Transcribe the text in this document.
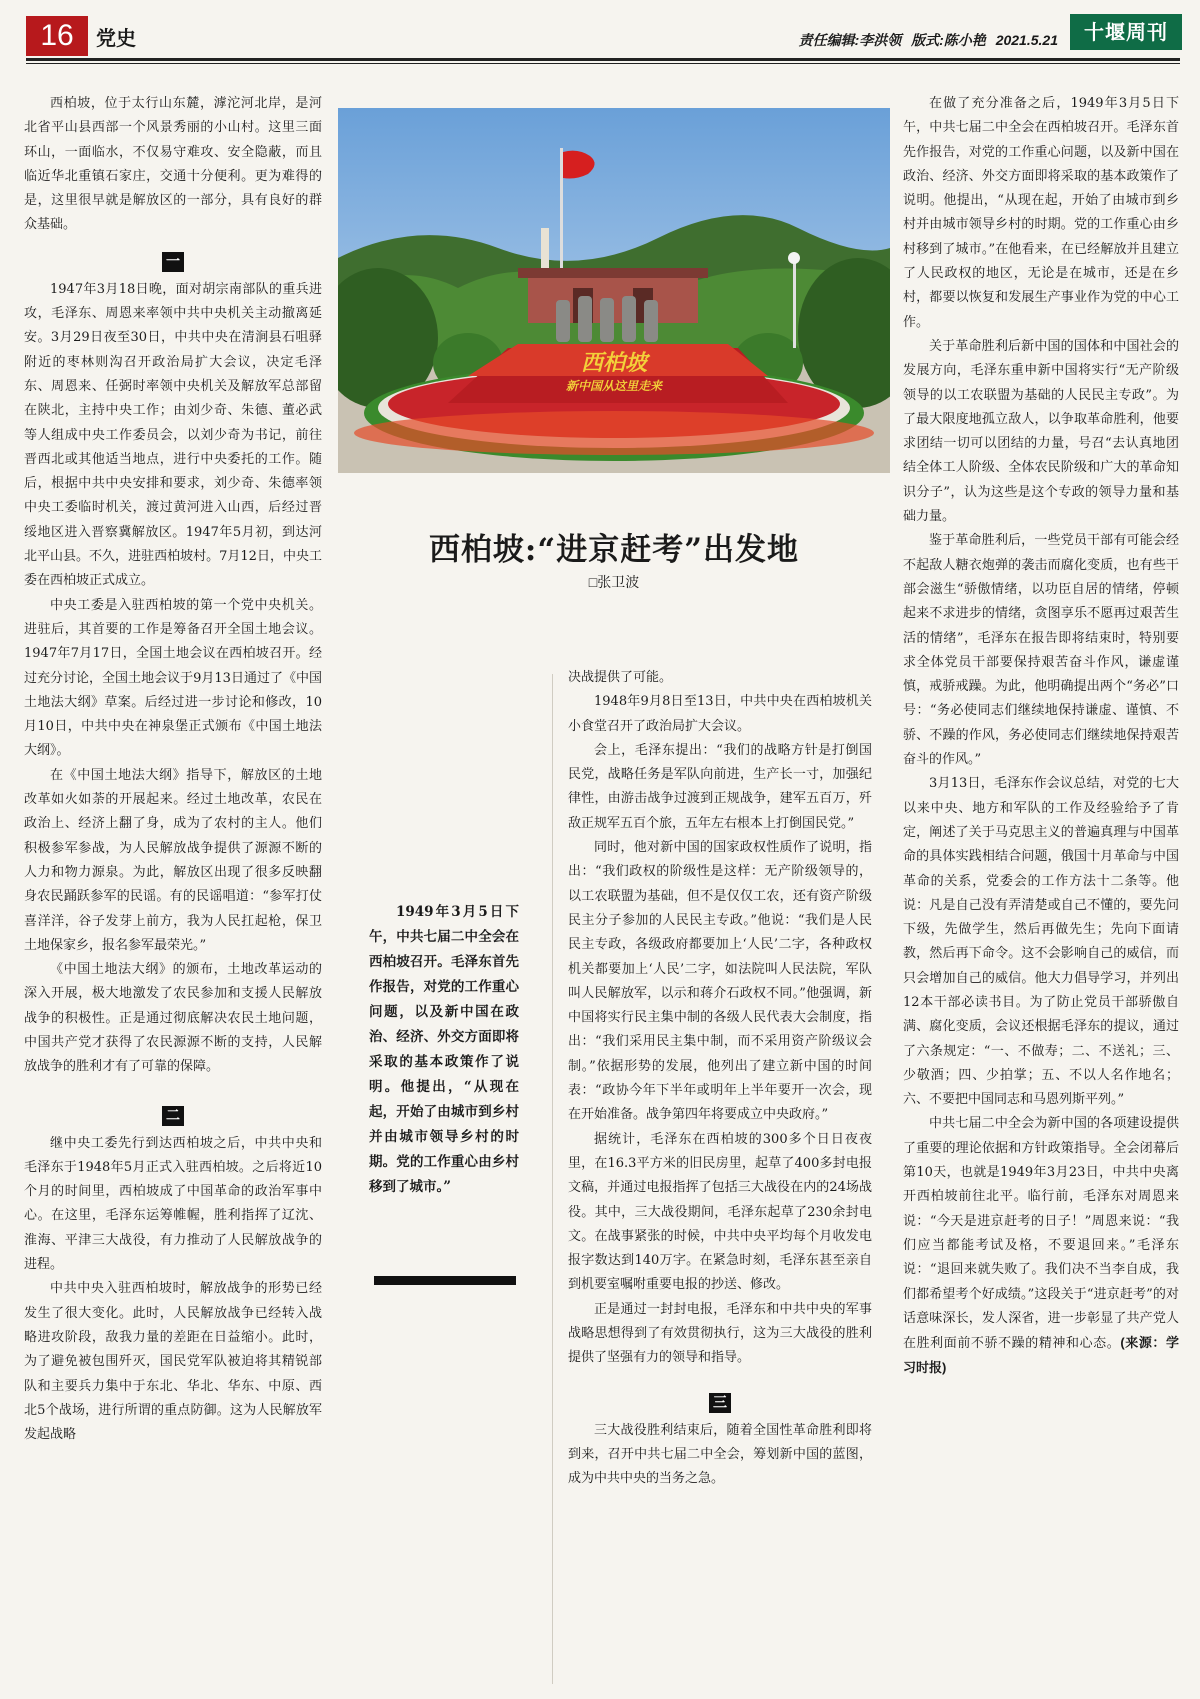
16	党史	责任编辑:李洪领 版式:陈小艳 2021.5.21	十堰周刊

西柏坡，位于太行山东麓，滹沱河北岸，是河北省平山县西部一个风景秀丽的小山村。这里三面环山，一面临水，不仅易守难攻、安全隐蔽，而且临近华北重镇石家庄，交通十分便利。更为难得的是，这里很早就是解放区的一部分，具有良好的群众基础。

一

1947年3月18日晚，面对胡宗南部队的重兵进攻，毛泽东、周恩来率领中共中央机关主动撤离延安。3月29日夜至30日，中共中央在清涧县石咀驿附近的枣林则沟召开政治局扩大会议，决定毛泽东、周恩来、任弼时率领中央机关及解放军总部留在陕北，主持中央工作；由刘少奇、朱德、董必武等人组成中央工作委员会，以刘少奇为书记，前往晋西北或其他适当地点，进行中央委托的工作。随后，根据中共中央安排和要求，刘少奇、朱德率领中央工委临时机关，渡过黄河进入山西，后经过晋绥地区进入晋察冀解放区。1947年5月初，到达河北平山县。不久，进驻西柏坡村。7月12日，中央工委在西柏坡正式成立。

中央工委是入驻西柏坡的第一个党中央机关。进驻后，其首要的工作是筹备召开全国土地会议。1947年7月17日，全国土地会议在西柏坡召开。经过充分讨论，全国土地会议于9月13日通过了《中国土地法大纲》草案。后经过进一步讨论和修改，10月10日，中共中央在神泉堡正式颁布《中国土地法大纲》。

在《中国土地法大纲》指导下，解放区的土地改革如火如荼的开展起来。经过土地改革，农民在政治上、经济上翻了身，成为了农村的主人。他们积极参军参战，为人民解放战争提供了源源不断的人力和物力源泉。为此，解放区出现了很多反映翻身农民踊跃参军的民谣。有的民谣唱道：“参军打仗喜洋洋，谷子发芽上前方，我为人民扛起枪，保卫土地保家乡，报名参军最荣光。”

《中国土地法大纲》的颁布，土地改革运动的深入开展，极大地激发了农民参加和支援人民解放战争的积极性。正是通过彻底解决农民土地问题，中国共产党才获得了农民源源不断的支持，人民解放战争的胜利才有了可靠的保障。

二

继中央工委先行到达西柏坡之后，中共中央和毛泽东于1948年5月正式入驻西柏坡。之后将近10个月的时间里，西柏坡成了中国革命的政治军事中心。在这里，毛泽东运筹帷幄，胜利指挥了辽沈、淮海、平津三大战役，有力推动了人民解放战争的进程。

中共中央入驻西柏坡时，解放战争的形势已经发生了很大变化。此时，人民解放战争已经转入战略进攻阶段，敌我力量的差距在日益缩小。此时，为了避免被包围歼灭，国民党军队被迫将其精锐部队和主要兵力集中于东北、华北、华东、中原、西北5个战场，进行所谓的重点防御。这为人民解放军发起战略

西柏坡
新中国从这里走来
西柏坡:“进京赶考”出发地
□张卫波

1949年3月5日下午，中共七届二中全会在西柏坡召开。毛泽东首先作报告，对党的工作重心问题，以及新中国在政治、经济、外交方面即将采取的基本政策作了说明。他提出，“从现在起，开始了由城市到乡村并由城市领导乡村的时期。党的工作重心由乡村移到了城市。”

决战提供了可能。

1948年9月8日至13日，中共中央在西柏坡机关小食堂召开了政治局扩大会议。

会上，毛泽东提出：“我们的战略方针是打倒国民党，战略任务是军队向前进，生产长一寸，加强纪律性，由游击战争过渡到正规战争，建军五百万，歼敌正规军五百个旅，五年左右根本上打倒国民党。”

同时，他对新中国的国家政权性质作了说明，指出：“我们政权的阶级性是这样：无产阶级领导的，以工农联盟为基础，但不是仅仅工农，还有资产阶级民主分子参加的人民民主专政。”他说：“我们是人民民主专政，各级政府都要加上‘人民’二字，各种政权机关都要加上‘人民’二字，如法院叫人民法院，军队叫人民解放军，以示和蒋介石政权不同。”他强调，新中国将实行民主集中制的各级人民代表大会制度，指出：“我们采用民主集中制，而不采用资产阶级议会制。”依据形势的发展，他列出了建立新中国的时间表：“政协今年下半年或明年上半年要开一次会，现在开始准备。战争第四年将要成立中央政府。”

据统计，毛泽东在西柏坡的300多个日日夜夜里，在16.3平方米的旧民房里，起草了400多封电报文稿，并通过电报指挥了包括三大战役在内的24场战役。其中，三大战役期间，毛泽东起草了230余封电文。在战事紧张的时候，中共中央平均每个月收发电报字数达到140万字。在紧急时刻，毛泽东甚至亲自到机要室嘱咐重要电报的抄送、修改。

正是通过一封封电报，毛泽东和中共中央的军事战略思想得到了有效贯彻执行，这为三大战役的胜利提供了坚强有力的领导和指导。

三

三大战役胜利结束后，随着全国性革命胜利即将到来，召开中共七届二中全会，筹划新中国的蓝图，成为中共中央的当务之急。

在做了充分准备之后，1949年3月5日下午，中共七届二中全会在西柏坡召开。毛泽东首先作报告，对党的工作重心问题，以及新中国在政治、经济、外交方面即将采取的基本政策作了说明。他提出，“从现在起，开始了由城市到乡村并由城市领导乡村的时期。党的工作重心由乡村移到了城市。”在他看来，在已经解放并且建立了人民政权的地区，无论是在城市，还是在乡村，都要以恢复和发展生产事业作为党的中心工作。

关于革命胜利后新中国的国体和中国社会的发展方向，毛泽东重申新中国将实行“无产阶级领导的以工农联盟为基础的人民民主专政”。为了最大限度地孤立敌人，以争取革命胜利，他要求团结一切可以团结的力量，号召“去认真地团结全体工人阶级、全体农民阶级和广大的革命知识分子”，认为这些是这个专政的领导力量和基础力量。

鉴于革命胜利后，一些党员干部有可能会经不起敌人糖衣炮弹的袭击而腐化变质，也有些干部会滋生“骄傲情绪，以功臣自居的情绪，停顿起来不求进步的情绪，贪图享乐不愿再过艰苦生活的情绪”，毛泽东在报告即将结束时，特别要求全体党员干部要保持艰苦奋斗作风，谦虚谨慎，戒骄戒躁。为此，他明确提出两个“务必”口号：“务必使同志们继续地保持谦虚、谨慎、不骄、不躁的作风，务必使同志们继续地保持艰苦奋斗的作风。”

3月13日，毛泽东作会议总结，对党的七大以来中央、地方和军队的工作及经验给予了肯定，阐述了关于马克思主义的普遍真理与中国革命的具体实践相结合问题，俄国十月革命与中国革命的关系，党委会的工作方法十二条等。他说：凡是自己没有弄清楚或自己不懂的，要先问下级，先做学生，然后再做先生；先向下面请教，然后再下命令。这不会影响自己的威信，而只会增加自己的威信。他大力倡导学习，并列出12本干部必读书目。为了防止党员干部骄傲自满、腐化变质，会议还根据毛泽东的提议，通过了六条规定：“一、不做寿；二、不送礼；三、少敬酒；四、少拍掌；五、不以人名作地名；六、不要把中国同志和马恩列斯平列。”

中共七届二中全会为新中国的各项建设提供了重要的理论依据和方针政策指导。全会闭幕后第10天，也就是1949年3月23日，中共中央离开西柏坡前往北平。临行前，毛泽东对周恩来说：“今天是进京赶考的日子！”周恩来说：“我们应当都能考试及格，不要退回来。”毛泽东说：“退回来就失败了。我们决不当李自成，我们都希望考个好成绩。”这段关于“进京赶考”的对话意味深长，发人深省，进一步彰显了共产党人在胜利面前不骄不躁的精神和心态。(来源：学习时报)
